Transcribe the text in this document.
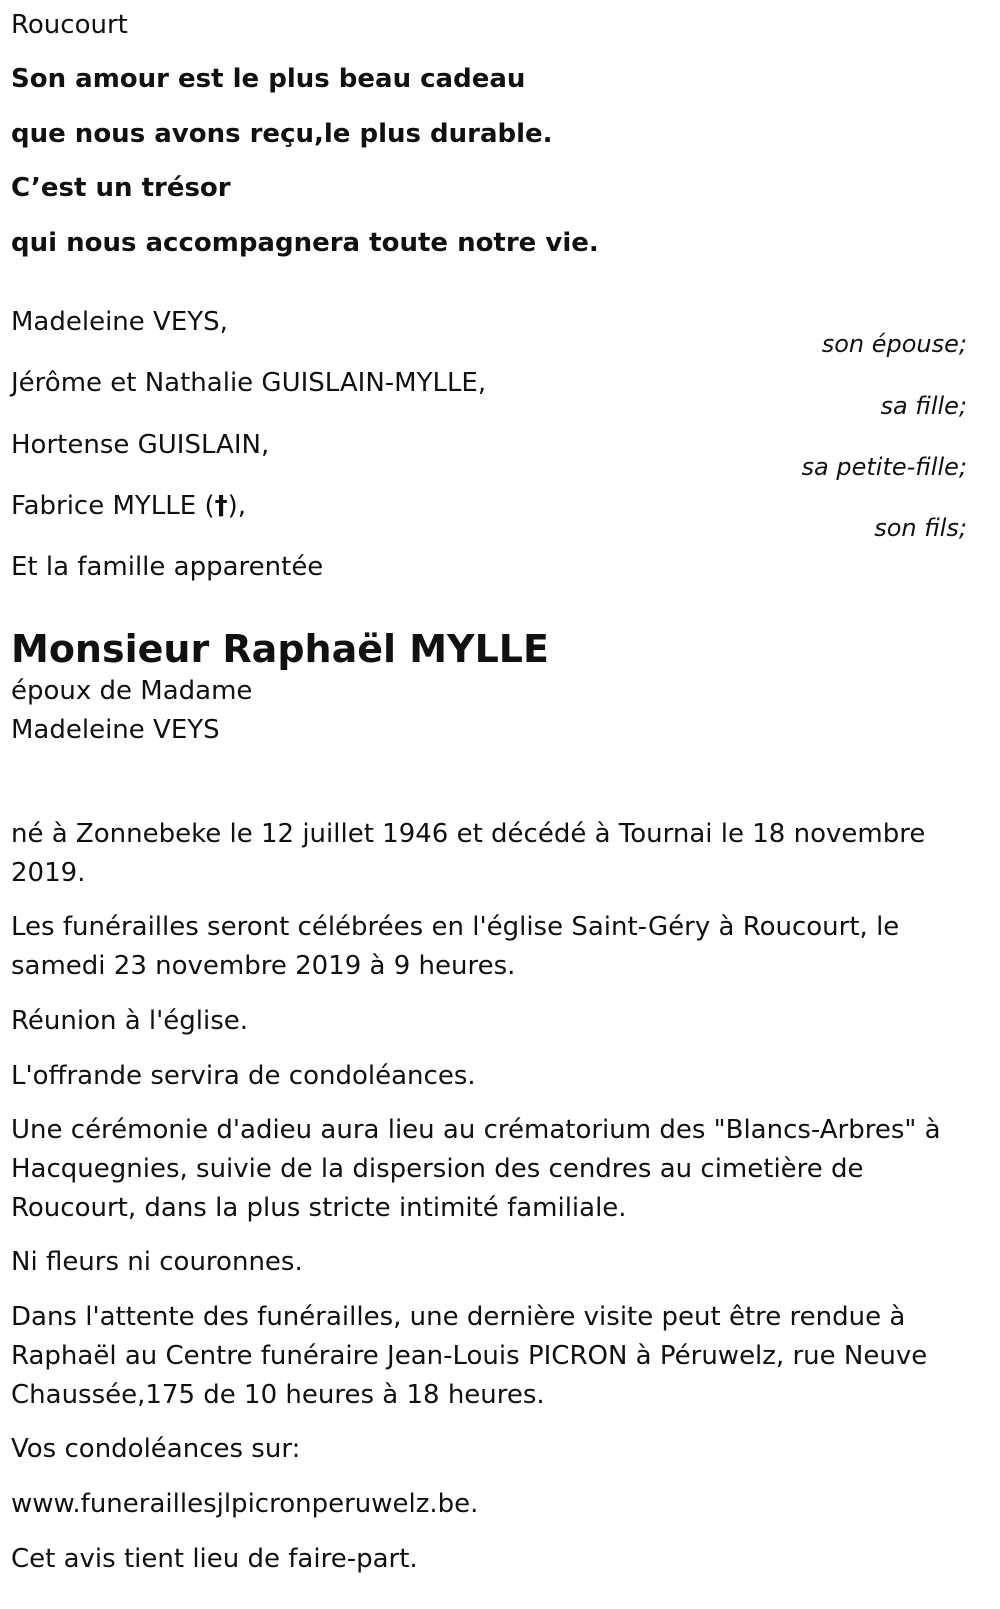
Roucourt

Son amour est le plus beau cadeau

que nous avons reçu,le plus durable.

C’est un trésor

qui nous accompagnera toute notre vie.

Madeleine VEYS,

son épouse;

Jérôme et Nathalie GUISLAIN-MYLLE,

sa fille;

Hortense GUISLAIN,

sa petite-fille;

Fabrice MYLLE (†),

son fils;

Et la famille apparentée

Monsieur Raphaël MYLLE

époux de Madame

Madeleine VEYS

né à Zonnebeke le 12 juillet 1946 et décédé à Tournai le 18 novembre 2019.

Les funérailles seront célébrées en l'église Saint-Géry à Roucourt, le samedi 23 novembre 2019 à 9 heures.

Réunion à l'église.

L'offrande servira de condoléances.

Une cérémonie d'adieu aura lieu au crématorium des "Blancs-Arbres" à Hacquegnies, suivie de la dispersion des cendres au cimetière de Roucourt, dans la plus stricte intimité familiale.

Ni fleurs ni couronnes.

Dans l'attente des funérailles, une dernière visite peut être rendue à Raphaël au Centre funéraire Jean-Louis PICRON à Péruwelz, rue Neuve Chaussée,175 de 10 heures à 18 heures.

Vos condoléances sur:

www.funeraillesjlpicronperuwelz.be.

Cet avis tient lieu de faire-part.
